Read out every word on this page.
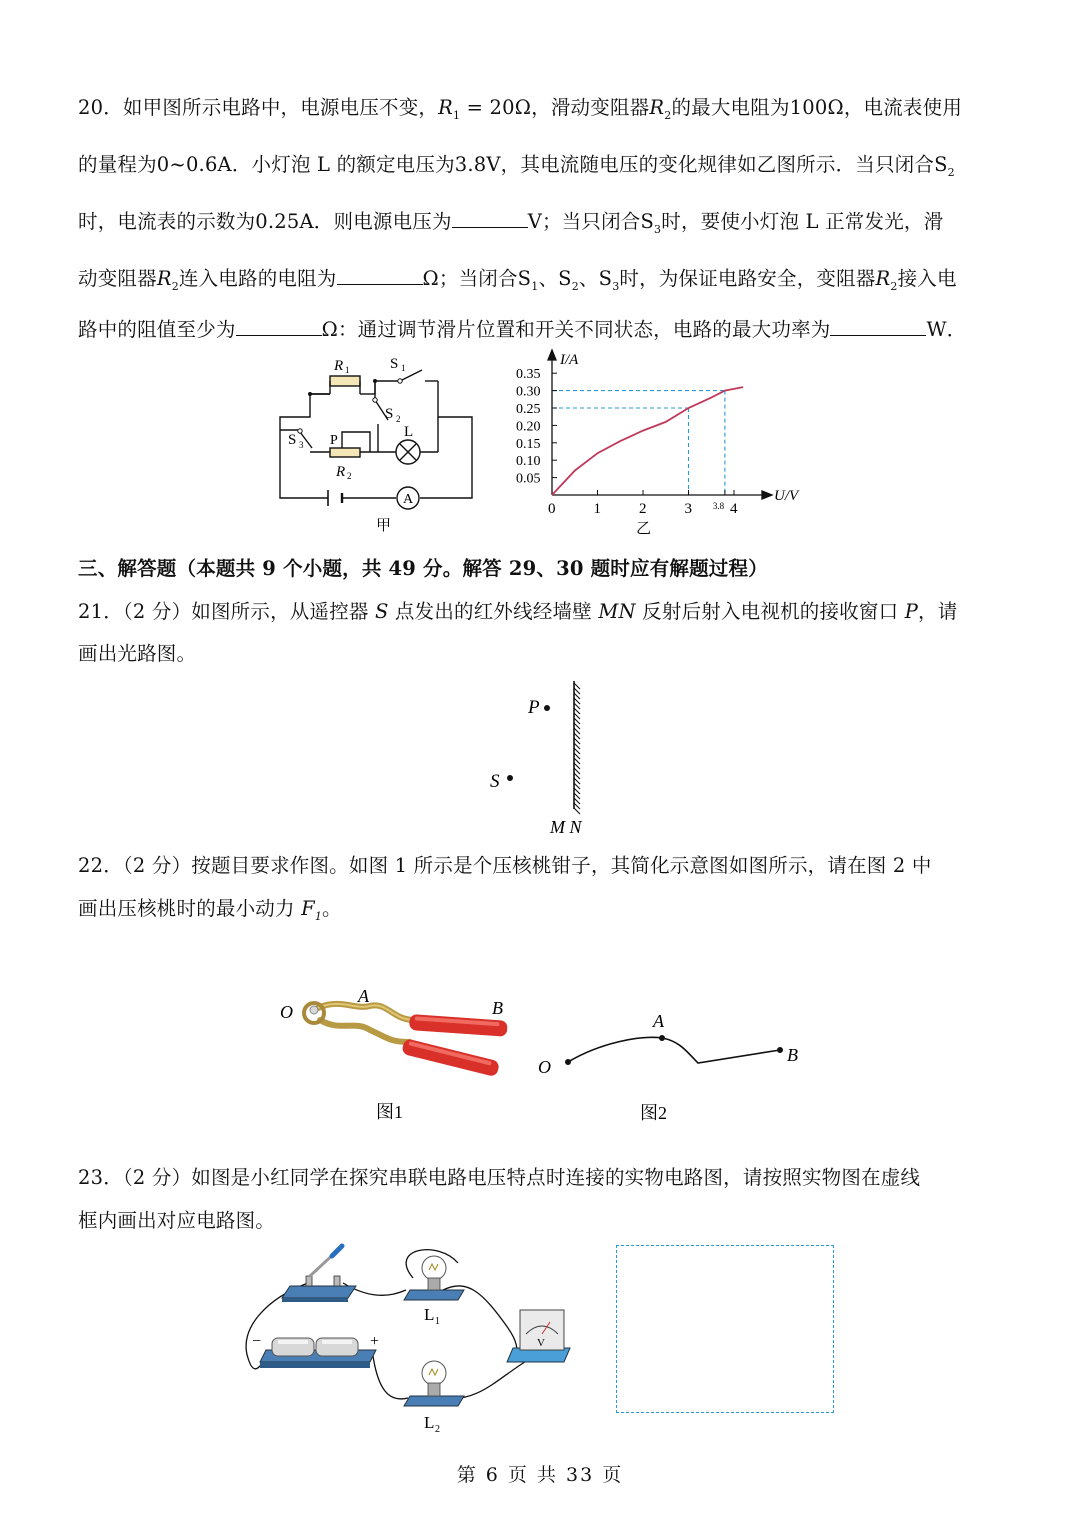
20．如甲图所示电路中，电源电压不变，$R_1 = 20\Omega$，滑动变阻器$R_2$的最大电阻为100Ω，电流表使用
的量程为0~0.6A．小灯泡 L 的额定电压为3.8V，其电流随电压的变化规律如乙图所示．当只闭合$S_2$
时，电流表的示数为0.25A．则电源电压为	V；当只闭合$S_3$时，要使小灯泡 L 正常发光，滑
动变阻器$R_2$连入电路的电阻为	Ω；当闭合$S_1$、$S_2$、$S_3$时，为保证电路安全，变阻器$R_2$接入电
路中的阻值至少为	Ω：通过调节滑片位置和开关不同状态，电路的最大功率为	W．
R 1	S 1
S 2
S 3 P
L
R 2
A
甲
0.35
0.30
0.25
0.20
0.15
0.10
0.05
0	1	2	3 3.8 4
I/A
U/V
乙
三、解答题（本题共 9 个小题，共 49 分。解答 29、30 题时应有解题过程）
21．（2 分）如图所示，从遥控器 S 点发出的红外线经墙壁 MN 反射后射入电视机的接收窗口 P，请
画出光路图。
P
S
M N
22．（2 分）按题目要求作图。如图 1 所示是个压核桃钳子，其简化示意图如图所示，请在图 2 中
画出压核桃时的最小动力 $F_1$。
O
A
B
图1
O
A
B
图2
23．（2 分）如图是小红同学在探究串联电路电压特点时连接的实物电路图，请按照实物图在虚线
框内画出对应电路图。
−	+
L 1
L 2
V
第 6 页 共 33 页
